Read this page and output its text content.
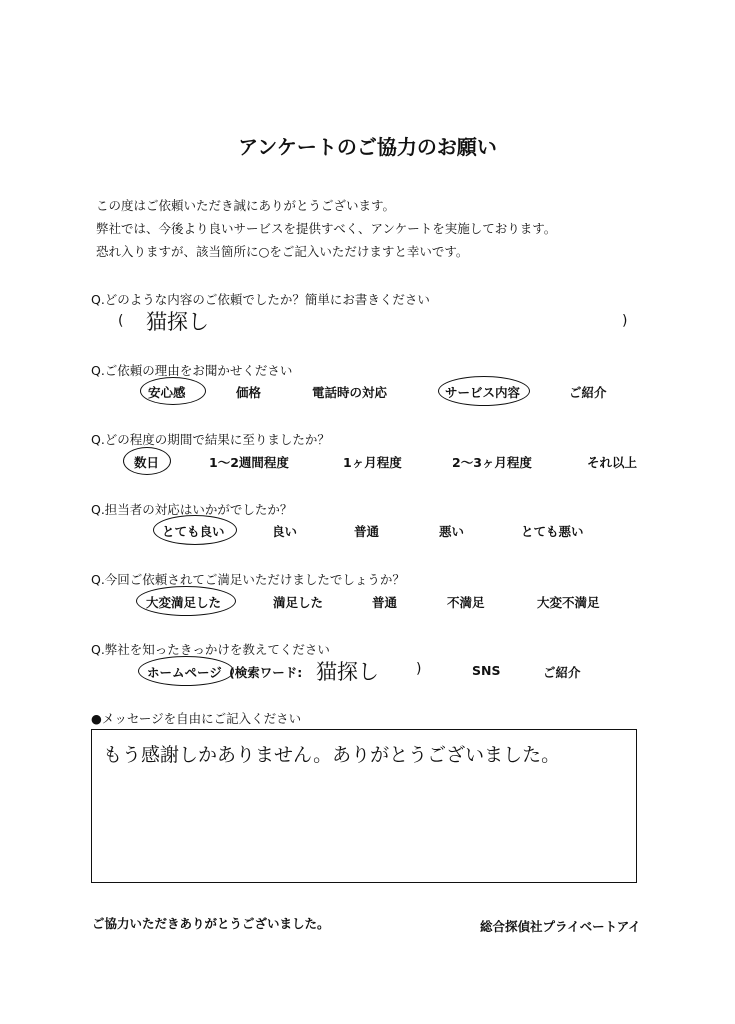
アンケートのご協力のお願い
この度はご依頼いただき誠にありがとうございます。
弊社では、今後より良いサービスを提供すべく、アンケートを実施しております。
恐れ入りますが、該当箇所に○をご記入いただけますと幸いです。
Q.どのような内容のご依頼でしたか？簡単にお書きください
( 猫探し	)
Q.ご依頼の理由をお聞かせください
安心感	価格	電話時の対応	サービス内容	ご紹介
Q.どの程度の期間で結果に至りましたか？
数日	1～2週間程度	1ヶ月程度	2～3ヶ月程度	それ以上
Q.担当者の対応はいかがでしたか？
とても良い	良い	普通	悪い	とても悪い
Q.今回ご依頼されてご満足いただけましたでしょうか？
大変満足した	満足した	普通	不満足	大変不満足
Q.弊社を知ったきっかけを教えてください
ホームページ (検索ワード: 猫探し	)	SNS	ご紹介
●メッセージを自由にご記入ください
もう感謝しかありません。ありがとうございました。
ご協力いただきありがとうございました。	総合探偵社プライベートアイ
